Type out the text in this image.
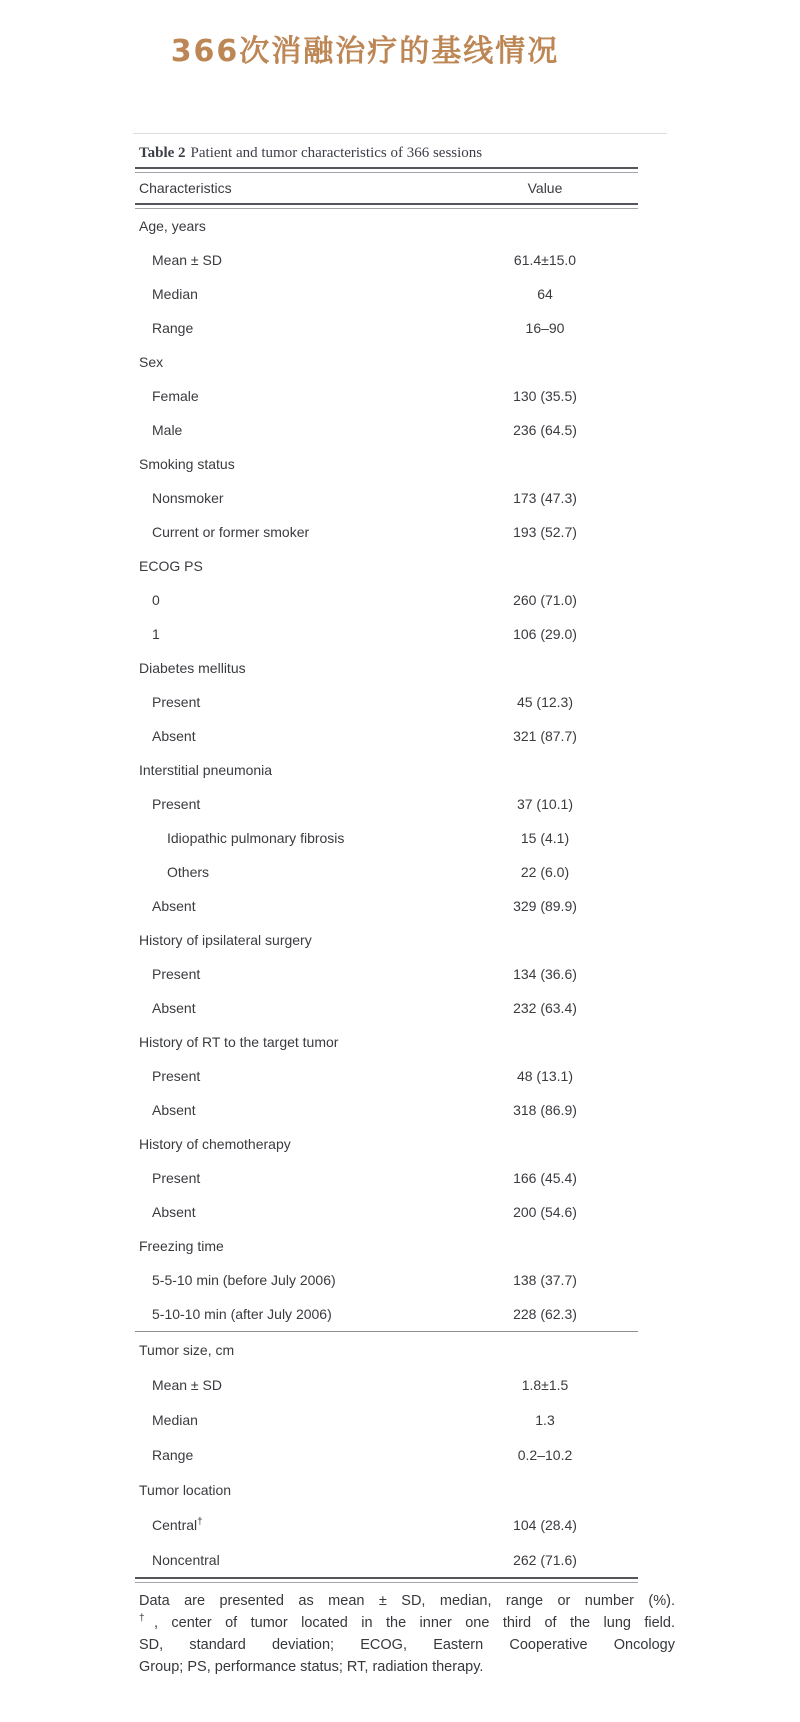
366次消融治疗的基线情况
Table 2 Patient and tumor characteristics of 366 sessions
Characteristics	Value
Age, years
Mean ± SD	61.4±15.0
Median	64
Range	16–90
Sex
Female	130 (35.5)
Male	236 (64.5)
Smoking status
Nonsmoker	173 (47.3)
Current or former smoker	193 (52.7)
ECOG PS
0	260 (71.0)
1	106 (29.0)
Diabetes mellitus
Present	45 (12.3)
Absent	321 (87.7)
Interstitial pneumonia
Present	37 (10.1)
Idiopathic pulmonary fibrosis	15 (4.1)
Others	22 (6.0)
Absent	329 (89.9)
History of ipsilateral surgery
Present	134 (36.6)
Absent	232 (63.4)
History of RT to the target tumor
Present	48 (13.1)
Absent	318 (86.9)
History of chemotherapy
Present	166 (45.4)
Absent	200 (54.6)
Freezing time
5-5-10 min (before July 2006)	138 (37.7)
5-10-10 min (after July 2006)	228 (62.3)
Tumor size, cm
Mean ± SD	1.8±1.5
Median	1.3
Range	0.2–10.2
Tumor location
Central†	104 (28.4)
Noncentral	262 (71.6)
Data are presented as mean ± SD, median, range or number (%).
†, center of tumor located in the inner one third of the lung field.
SD, standard deviation; ECOG, Eastern Cooperative Oncology
Group; PS, performance status; RT, radiation therapy.
